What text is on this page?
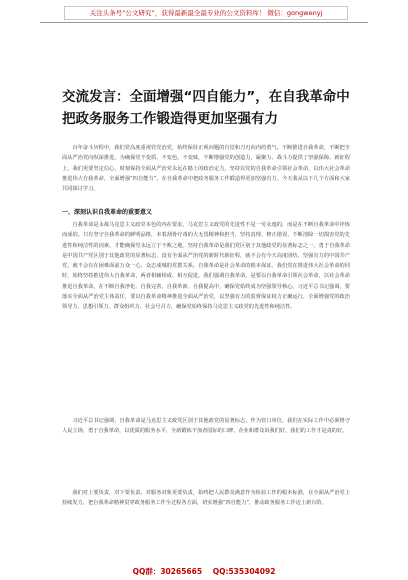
关注头条号“公文研究”，获得最新最全最专业的公文资料库！ 微信：gongwenyj
交流发言：全面增强“四自能力”，在自我革命中把政务服务工作锻造得更加坚强有力

百年奋斗历程中，我们党高度重视管党治党，始终保持正视问题的自觉和刀刃向内的勇气，不断推进自我革命，不断把全面从严治党向纵深推进，为确保党不变质、不变色、不变味，不断增强党的创造力、凝聚力、战斗力提供了坚强保障。新征程上，我们更要坚定信心，时刻保持全面从严治党永远在路上的政治定力，坚持以党的自我革命引领社会革命，以伟大社会革命推进伟大自我革命，全面增强“四自能力”，在自我革命中把政务服务工作锻造得更加坚强有力。今天我从以下几个方面和大家共同探讨学习。

一、深刻认识自我革命的重要意义

自我革命是永葆马克思主义政党本色的内在要求，马克思主义政党的先进性不是一劳永逸的，而是在不断自我革命中淬炼而成的。只有坚守自我革命的鲜明品格，本着刮骨疗毒的大无畏精神和担当，坚持真理、修正错误，不断清除一切损害党的先进性和纯洁性的因素，才能确保党永远立于不败之地。坚持自我革命是我们党区别于其他政党的显著标志之一。勇于自我革命是中国共产党区别于其他政党的显著标志，没有全面从严治党的新时代新征程，就不会有今天高度团结、坚强有力的中国共产党。就不会有在困难面前万众一心、众志成城的党群关系。自我革命是社会革命的根本保证。我们党在推进伟大社会革命的同时，始终坚持推进伟大自我革命，两者相辅相成、相互促进。我们强调自我革命，是要以自我革命引领社会革命，以社会革命推进自我革命，在不断自我净化、自我完善、自我革新、自我提高中，确保党始终成为坚强领导核心。习近平总书记强调，要落实全面从严治党主体责任，要以自我革命精神推进全面从严治党，以坚强有力的监督保证权力正确运行，全面增强党的政治领导力、思想引领力、群众组织力、社会号召力，确保党始终保持马克思主义政党的先进性和纯洁性。

习近平总书记强调，自我革命是马克思主义政党区别于其他政党的显著标志，作为管口单位，我们在实际工作中必须恪守人民立场，勇于自我革命，以优质的服务水平、全新锻炼不加者国际的口碑，企业和群众诉我们好，我们的工作才是真的好。

我们对上要负责，对下要负责，对服务对象更要负责，始终把人民群众满意作为检验工作的根本标准，在全面从严治党上持续发力，把自我革命精神贯穿政务服务工作全过程各方面，切实增强“四自能力”，推动政务服务工作迈上新台阶。

QQ群：30265665 QQ:535304092
